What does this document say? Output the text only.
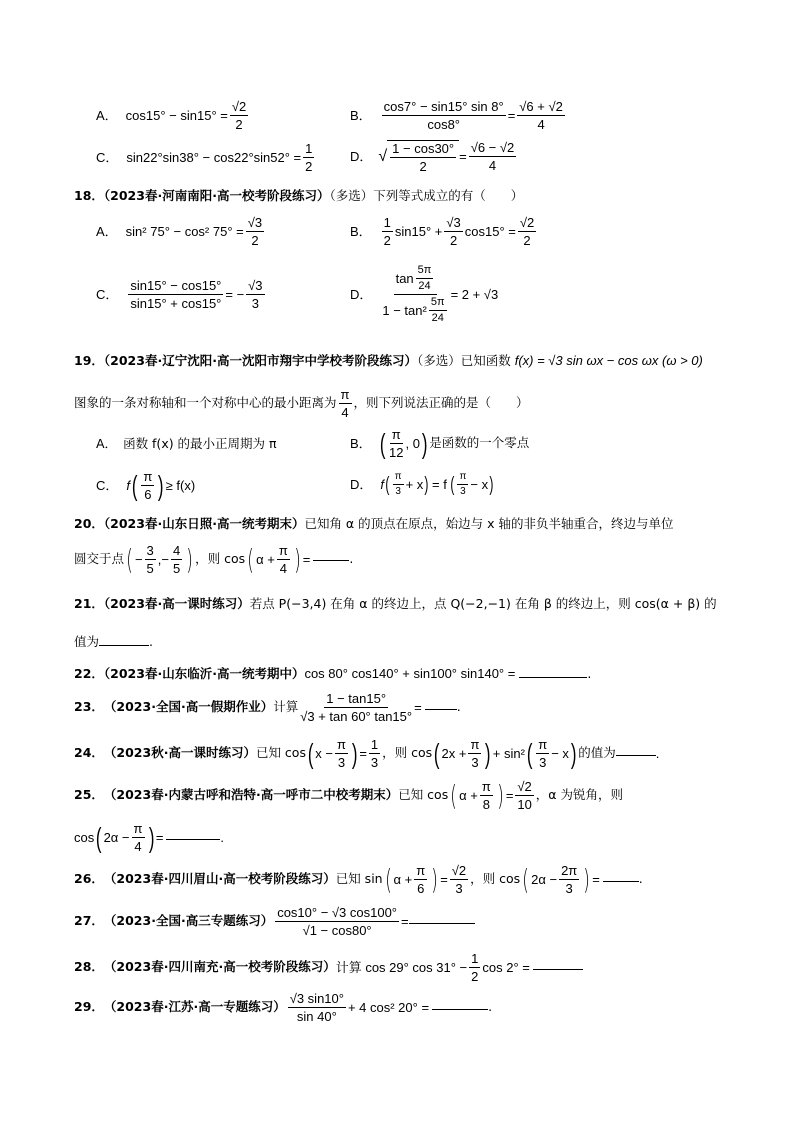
A． $\cos 15^\circ - \sin 15^\circ = \frac{√2}{2}$	B． $\frac{\cos 7^\circ - \sin 15^\circ \sin 8^\circ}{\cos 8^\circ} = \frac{√6 + √2}{4}$
C． $\sin 22^\circ\sin 38^\circ - \cos 22^\circ\sin 52^\circ = \frac{1}{2}$	D． √ $\frac{1 - \cos 30^\circ}{2} = \frac{√6 - √2}{4}$
18．（2023春·河南南阳·高一校考阶段练习）（多选）下列等式成立的有（　　）
A． sin² 75° − cos² $75^\circ = \frac{√3}{2}$	B． $\frac{1}{2} \sin 15^\circ + \frac{√3}{2} \cos 15^\circ = \frac{√2}{2}$
C． $\frac{\sin 15^\circ - \cos 15^\circ}{\sin 15^\circ + \cos 15^\circ}$ = − $\frac{√3}{3}$	D． $\frac{\tan \frac{5\pi}{24}}{1 - \tan^2 \frac{5\pi}{24}} = 2 + √3$
19．（2023春·辽宁沈阳·高一沈阳市翔宇中学校考阶段练习）（多选）已知函数 f(x) = √3 sin ωx − cos ωx (ω > 0)
图象的一条对称轴和一个对称中心的最小距离为 $\frac{\pi}{4}$ ，则下列说法正确的是（　　）
A． 函数 f(x) 的最小正周期为 π	B． ( $\frac{\pi}{12}$ , 0 ) 是函数的一个零点
C． f ( $\frac{\pi}{6}$ ) ≥ f(x)	D． f ( $\frac{\pi}{3} + x$ ) = f ( $\frac{\pi}{3} - x$ )
20．（2023春·山东日照·高一统考期末）已知角 α 的顶点在原点，始边与 x 轴的非负半轴重合，终边与单位
圆交于点 ( − $\frac{3}{5}$ , − $\frac{4}{5}$ ) ，则 cos ( $\alpha + \frac{\pi}{4}$ ) =	.
21．（2023春·高一课时练习）若点 P(−3,4) 在角 α 的终边上，点 Q(−2,−1) 在角 β 的终边上，则 cos(α + β) 的
值为	.
22．（2023春·山东临沂·高一统考期中）cos 80° cos140° + sin100° sin140° =	.
23． （2023·全国·高一假期作业） 计算 $\frac{1 - \tan 15^\circ}{√3 + \tan 60^\circ \tan 15^\circ}$ =	.
24． （2023秋·高一课时练习） 已知 cos ( $x - \frac{\pi}{3}$ ) = $\frac{1}{3}$ ，则 cos ( $2x + \frac{\pi}{3}$ ) + sin² ( $\frac{\pi}{3} - x$ ) 的值为	.
25． （2023春·内蒙古呼和浩特·高一呼市二中校考期末） 已知 cos ( $\alpha + \frac{\pi}{8}$ ) = $\frac{√2}{10}$ ，α 为锐角，则
cos ( $2\alpha - \frac{\pi}{4}$ ) =	.
26． （2023春·四川眉山·高一校考阶段练习） 已知 sin ( $\alpha + \frac{\pi}{6}$ ) = $\frac{√2}{3}$ ，则 cos ( $2\alpha - \frac{2\pi}{3}$ ) =	.
27． （2023·全国·高三专题练习） $\frac{\cos 10^\circ - √3 \cos 100^\circ}{√1 - \cos 80^\circ}$ =
28． （2023春·四川南充·高一校考阶段练习） 计算 cos 29° $\cos 31^\circ - \frac{1}{2}$ cos 2° =
29． （2023春·江苏·高一专题练习） $\frac{√3 \sin 10^\circ}{\sin 40^\circ} + 4$ cos² 20° =	.
